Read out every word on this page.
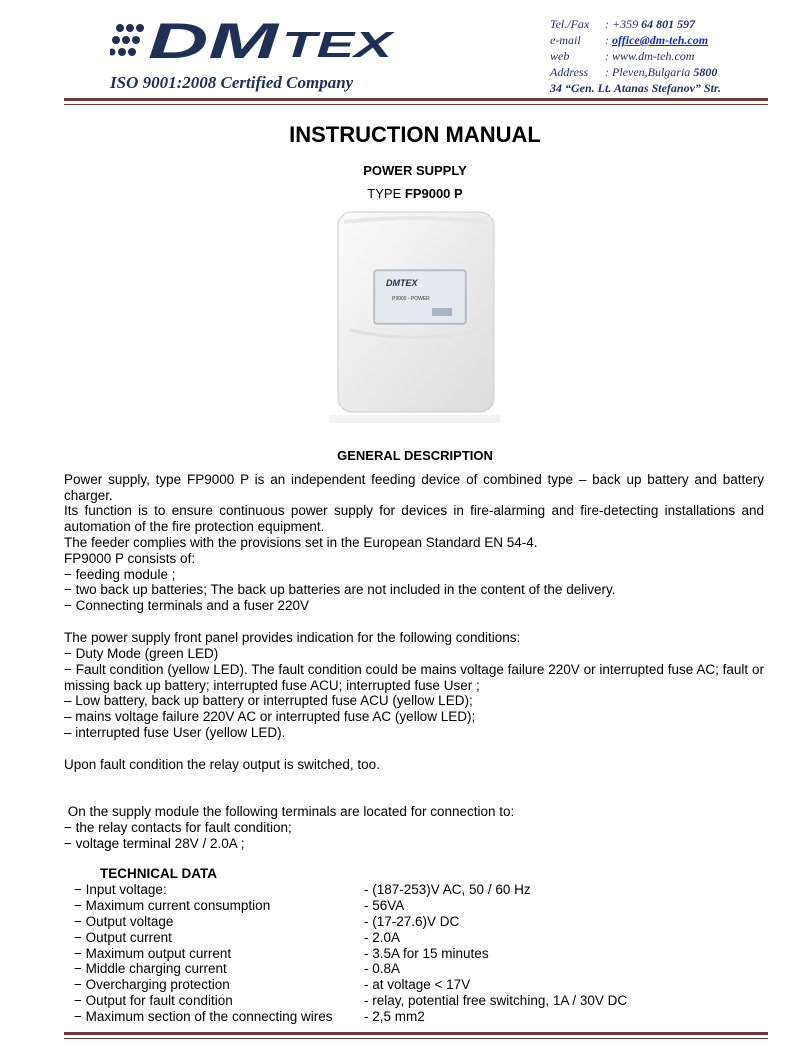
DM TEX
ISO 9001:2008 Certified Company
Tel./Fax : +359 64 801 597
e-mail : office@dm-teh.com
web	: www.dm-teh.com
Address : Pleven,Bulgaria 5800
34 “Gen. Lt. Atanas Stefanov” Str.
INSTRUCTION MANUAL
POWER SUPPLY
TYPE FP9000 P
DMTEX
P9000 - POWER
GENERAL DESCRIPTION
Power supply, type FP9000 P is an independent feeding device of combined type – back up battery and battery charger.
Its function is to ensure continuous power supply for devices in fire-alarming and fire-detecting installations and automation of the fire protection equipment.
The feeder complies with the provisions set in the European Standard EN 54-4.
FP9000 P consists of:
− feeding module ;
− two back up batteries; The back up batteries are not included in the content of the delivery.
− Connecting terminals and a fuser 220V
The power supply front panel provides indication for the following conditions:
− Duty Mode (green LED)
− Fault condition (yellow LED). The fault condition could be mains voltage failure 220V or interrupted fuse AC; fault or missing back up battery; interrupted fuse ACU; interrupted fuse User ;
– Low battery, back up battery or interrupted fuse ACU (yellow LED);
– mains voltage failure 220V AC or interrupted fuse AC (yellow LED);
– interrupted fuse User (yellow LED).
Upon fault condition the relay output is switched, too.
On the supply module the following terminals are located for connection to:
− the relay contacts for fault condition;
− voltage terminal 28V / 2.0A ;
TECHNICAL DATA
− Input voltage:	- (187-253)V AC, 50 / 60 Hz
− Maximum current consumption	- 56VA
− Output voltage	- (17-27.6)V DC
− Output current	- 2.0A
− Maximum output current	- 3.5A for 15 minutes
− Middle charging current	- 0.8A
− Overcharging protection	- at voltage < 17V
− Output for fault condition	- relay, potential free switching, 1A / 30V DC
− Maximum section of the connecting wires	- 2,5 mm2
